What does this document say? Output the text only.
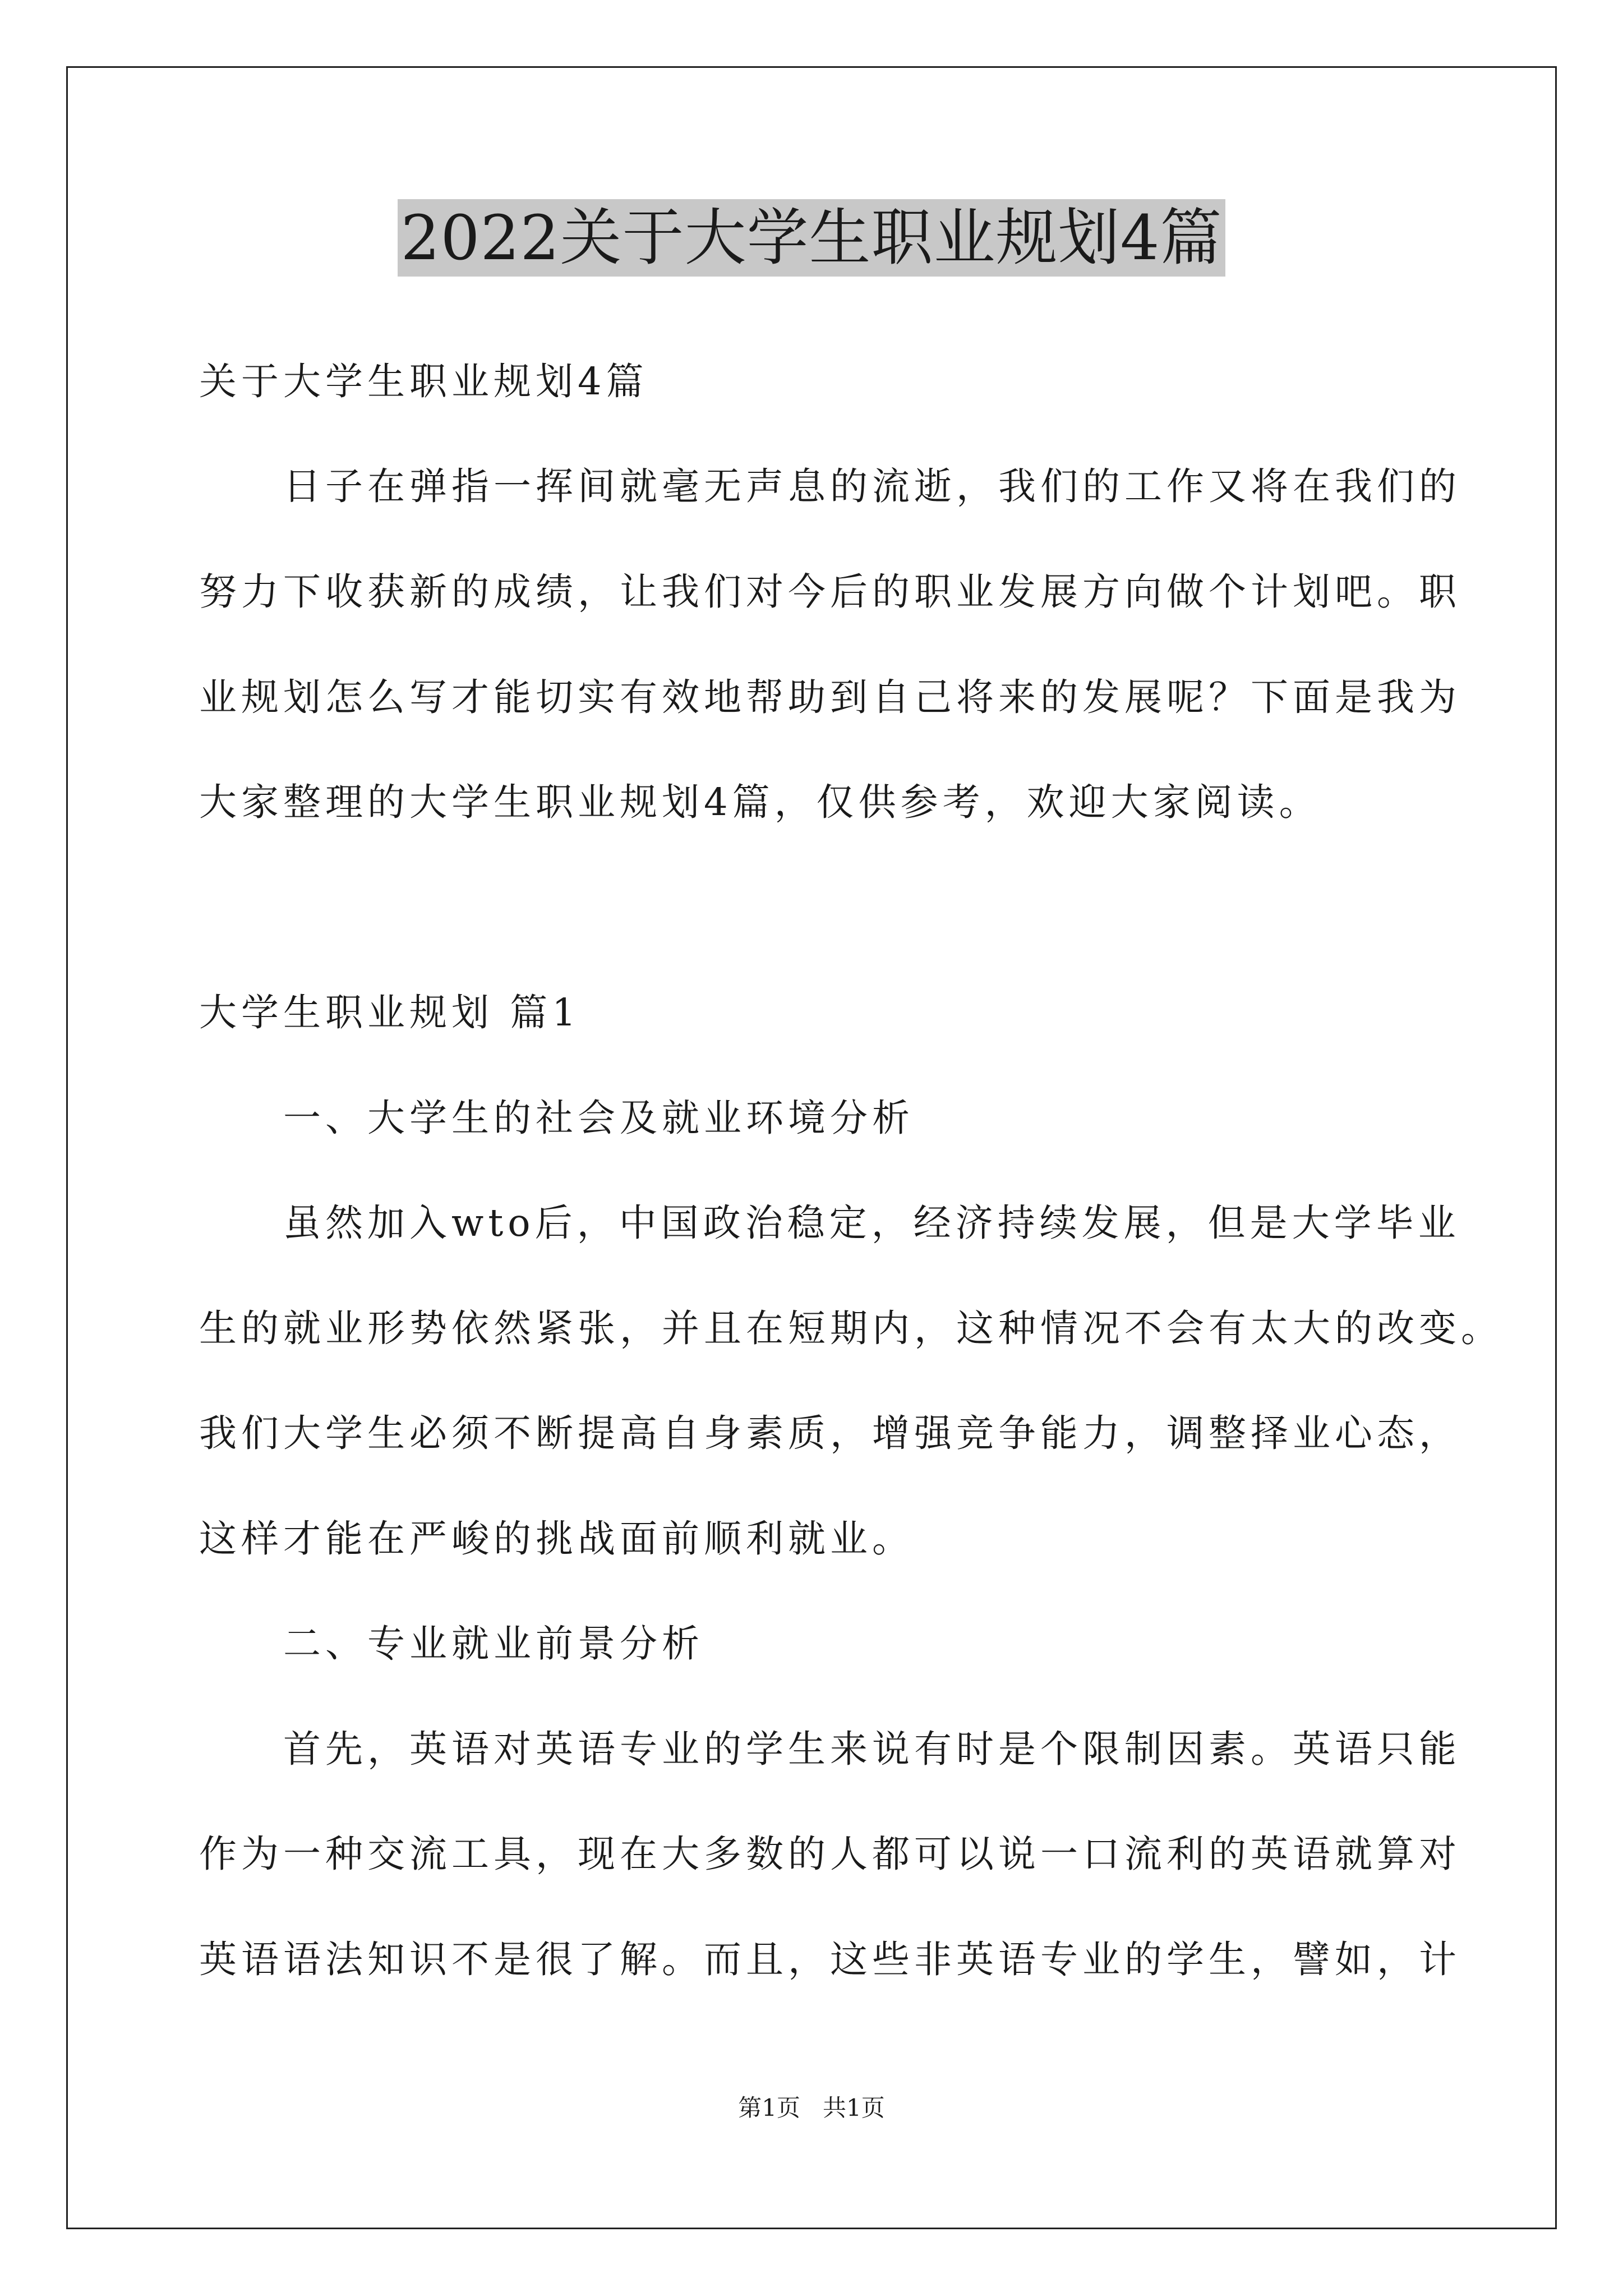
2022关于大学生职业规划4篇
关于大学生职业规划4篇
日子在弹指一挥间就毫无声息的流逝，我们的工作又将在我们的
努力下收获新的成绩，让我们对今后的职业发展方向做个计划吧。职
业规划怎么写才能切实有效地帮助到自己将来的发展呢？下面是我为
大家整理的大学生职业规划4篇，仅供参考，欢迎大家阅读。
大学生职业规划 篇1
一、大学生的社会及就业环境分析
虽然加入wto后，中国政治稳定，经济持续发展，但是大学毕业
生的就业形势依然紧张，并且在短期内，这种情况不会有太大的改变。
我们大学生必须不断提高自身素质，增强竞争能力，调整择业心态，
这样才能在严峻的挑战面前顺利就业。
二、专业就业前景分析
首先，英语对英语专业的学生来说有时是个限制因素。英语只能
作为一种交流工具，现在大多数的人都可以说一口流利的英语就算对
英语语法知识不是很了解。而且，这些非英语专业的学生，譬如，计
第1页 共1页
